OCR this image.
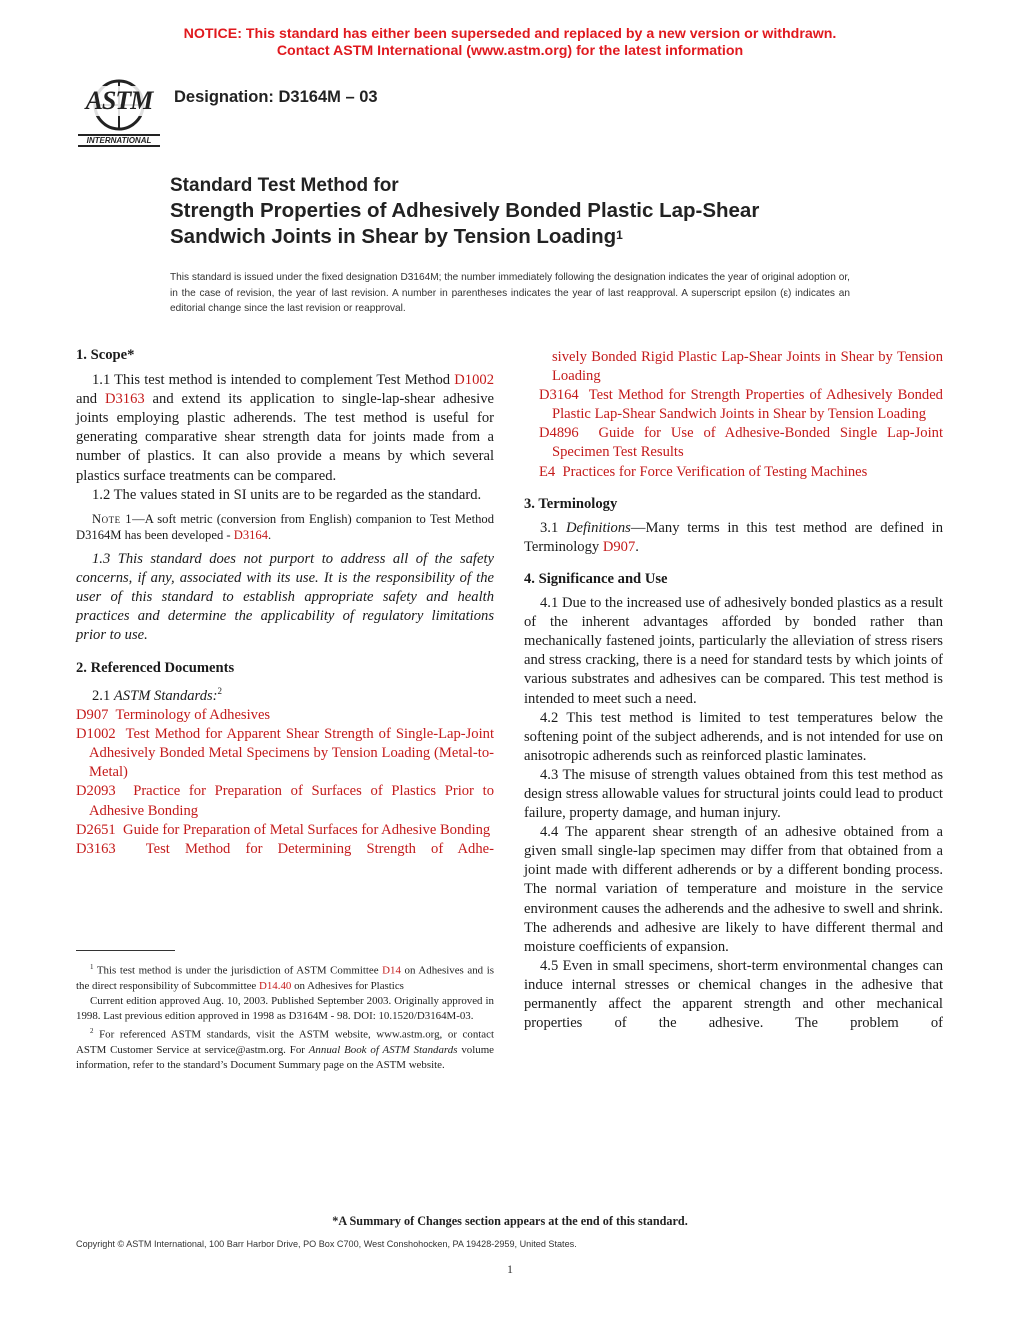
NOTICE: This standard has either been superseded and replaced by a new version or withdrawn.
Contact ASTM International (www.astm.org) for the latest information
ASTM
INTERNATIONAL
Designation: D3164M – 03
Standard Test Method for
Strength Properties of Adhesively Bonded Plastic Lap-Shear
Sandwich Joints in Shear by Tension Loading$^1$
This standard is issued under the fixed designation D3164M; the number immediately following the designation indicates the year of original adoption or, in the case of revision, the year of last revision. A number in parentheses indicates the year of last reapproval. A superscript epsilon (ε) indicates an editorial change since the last revision or reapproval.

1. Scope*

1.1 This test method is intended to complement Test Method D1002 and D3163 and extend its application to single-lap-shear adhesive joints employing plastic adherends. The test method is useful for generating comparative shear strength data for joints made from a number of plastics. It can also provide a means by which several plastics surface treatments can be compared.

1.2 The values stated in SI units are to be regarded as the standard.

Note 1—A soft metric (conversion from English) companion to Test Method D3164M has been developed - D3164.

1.3 This standard does not purport to address all of the safety concerns, if any, associated with its use. It is the responsibility of the user of this standard to establish appropriate safety and health practices and determine the applicability of regulatory limitations prior to use.

2. Referenced Documents

2.1 ASTM Standards:$^2$

D907 Terminology of Adhesives

D1002 Test Method for Apparent Shear Strength of Single-Lap-Joint Adhesively Bonded Metal Specimens by Tension Loading (Metal-to-Metal)

D2093 Practice for Preparation of Surfaces of Plastics Prior to Adhesive Bonding

D2651 Guide for Preparation of Metal Surfaces for Adhesive Bonding

D3163 Test Method for Determining Strength of Adhe-

$^1$ This test method is under the jurisdiction of ASTM Committee D14 on Adhesives and is the direct responsibility of Subcommittee D14.40 on Adhesives for Plastics

Current edition approved Aug. 10, 2003. Published September 2003. Originally approved in 1998. Last previous edition approved in 1998 as D3164M - 98. DOI: 10.1520/D3164M-03.

$^2$ For referenced ASTM standards, visit the ASTM website, www.astm.org, or contact ASTM Customer Service at service@astm.org. For Annual Book of ASTM Standards volume information, refer to the standard’s Document Summary page on the ASTM website.

sively Bonded Rigid Plastic Lap-Shear Joints in Shear by Tension Loading

D3164 Test Method for Strength Properties of Adhesively Bonded Plastic Lap-Shear Sandwich Joints in Shear by Tension Loading

D4896 Guide for Use of Adhesive-Bonded Single Lap-Joint Specimen Test Results

E4 Practices for Force Verification of Testing Machines

3. Terminology

3.1 Definitions—Many terms in this test method are defined in Terminology D907.

4. Significance and Use

4.1 Due to the increased use of adhesively bonded plastics as a result of the inherent advantages afforded by bonded rather than mechanically fastened joints, particularly the alleviation of stress risers and stress cracking, there is a need for standard tests by which joints of various substrates and adhesives can be compared. This test method is intended to meet such a need.

4.2 This test method is limited to test temperatures below the softening point of the subject adherends, and is not intended for use on anisotropic adherends such as reinforced plastic laminates.

4.3 The misuse of strength values obtained from this test method as design stress allowable values for structural joints could lead to product failure, property damage, and human injury.

4.4 The apparent shear strength of an adhesive obtained from a given small single-lap specimen may differ from that obtained from a joint made with different adherends or by a different bonding process. The normal variation of temperature and moisture in the service environment causes the adherends and the adhesive to swell and shrink. The adherends and adhesive are likely to have different thermal and moisture coefficients of expansion.

4.5 Even in small specimens, short-term environmental changes can induce internal stresses or chemical changes in the adhesive that permanently affect the apparent strength and other mechanical properties of the adhesive. The problem of

*A Summary of Changes section appears at the end of this standard.
Copyright © ASTM International, 100 Barr Harbor Drive, PO Box C700, West Conshohocken, PA 19428-2959, United States.
1
